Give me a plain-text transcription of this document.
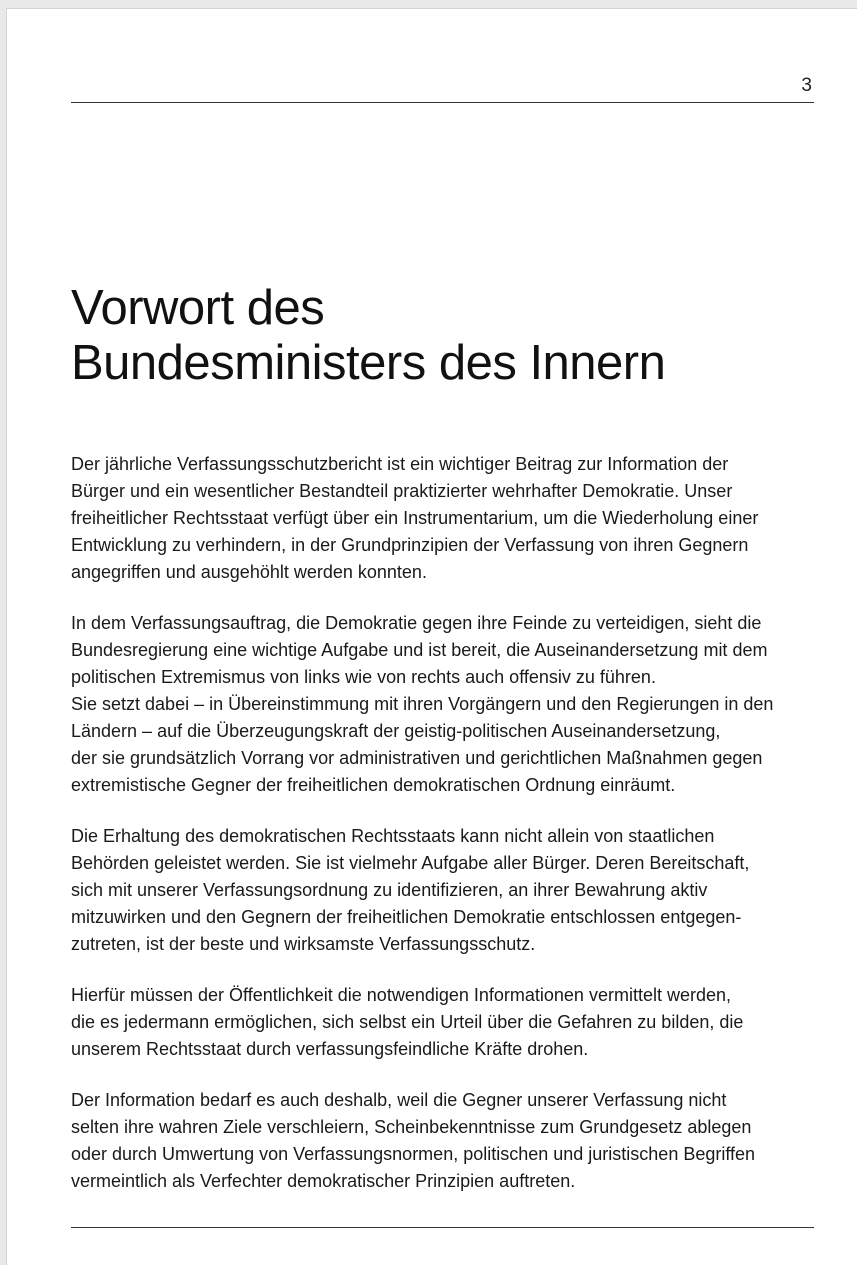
3
Vorwort des
Bundesministers des Innern

Der jährliche Verfassungsschutzbericht ist ein wichtiger Beitrag zur Information der
Bürger und ein wesentlicher Bestandteil praktizierter wehrhafter Demokratie. Unser
freiheitlicher Rechtsstaat verfügt über ein Instrumentarium, um die Wiederholung einer
Entwicklung zu verhindern, in der Grundprinzipien der Verfassung von ihren Gegnern
angegriffen und ausgehöhlt werden konnten.

In dem Verfassungsauftrag, die Demokratie gegen ihre Feinde zu verteidigen, sieht die
Bundesregierung eine wichtige Aufgabe und ist bereit, die Auseinandersetzung mit dem
politischen Extremismus von links wie von rechts auch offensiv zu führen.
Sie setzt dabei – in Übereinstimmung mit ihren Vorgängern und den Regierungen in den
Ländern – auf die Überzeugungskraft der geistig-politischen Auseinandersetzung,
der sie grundsätzlich Vorrang vor administrativen und gerichtlichen Maßnahmen gegen
extremistische Gegner der freiheitlichen demokratischen Ordnung einräumt.

Die Erhaltung des demokratischen Rechtsstaats kann nicht allein von staatlichen
Behörden geleistet werden. Sie ist vielmehr Aufgabe aller Bürger. Deren Bereitschaft,
sich mit unserer Verfassungsordnung zu identifizieren, an ihrer Bewahrung aktiv
mitzuwirken und den Gegnern der freiheitlichen Demokratie entschlossen entgegen-
zutreten, ist der beste und wirksamste Verfassungsschutz.

Hierfür müssen der Öffentlichkeit die notwendigen Informationen vermittelt werden,
die es jedermann ermöglichen, sich selbst ein Urteil über die Gefahren zu bilden, die
unserem Rechtsstaat durch verfassungsfeindliche Kräfte drohen.

Der Information bedarf es auch deshalb, weil die Gegner unserer Verfassung nicht
selten ihre wahren Ziele verschleiern, Scheinbekenntnisse zum Grundgesetz ablegen
oder durch Umwertung von Verfassungsnormen, politischen und juristischen Begriffen
vermeintlich als Verfechter demokratischer Prinzipien auftreten.
